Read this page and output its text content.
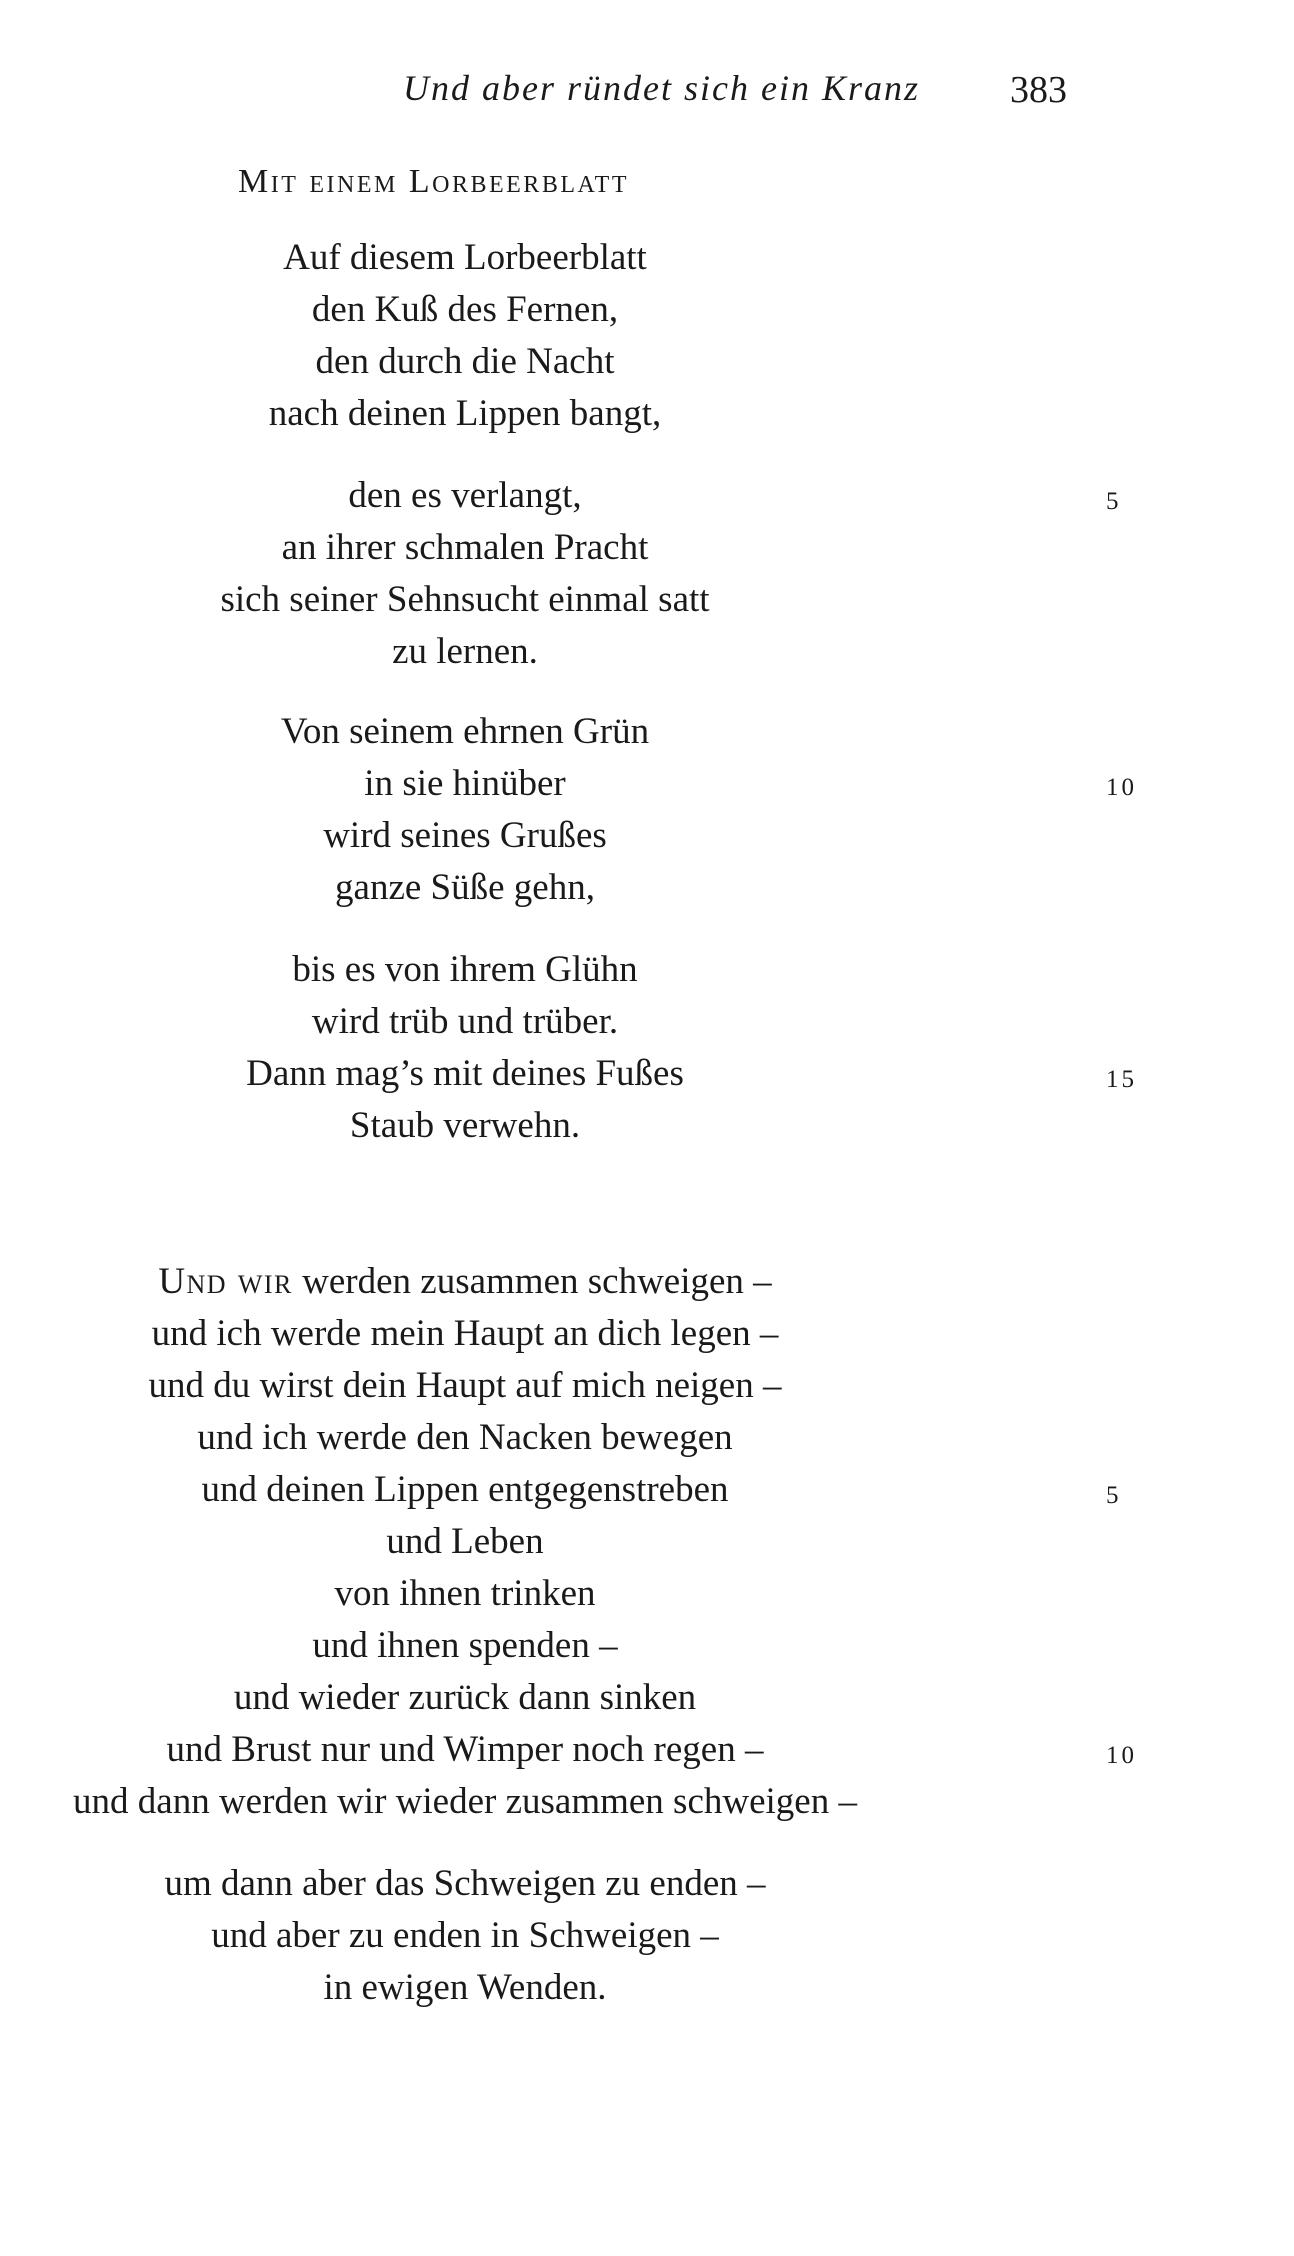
Und aber ründet sich ein Kranz 383
Mit einem Lorbeerblatt
Auf diesem Lorbeerblatt
den Kuß des Fernen,
den durch die Nacht
nach deinen Lippen bangt,
den es verlangt,
an ihrer schmalen Pracht
sich seiner Sehnsucht einmal satt
zu lernen.
Von seinem ehrnen Grün
in sie hinüber
wird seines Grußes
ganze Süße gehn,
bis es von ihrem Glühn
wird trüb und trüber.
Dann mag’s mit deines Fußes
Staub verwehn.
5
10
15
Und wir werden zusammen schweigen –
und ich werde mein Haupt an dich legen –
und du wirst dein Haupt auf mich neigen –
und ich werde den Nacken bewegen
und deinen Lippen entgegenstreben
und Leben
von ihnen trinken
und ihnen spenden –
und wieder zurück dann sinken
und Brust nur und Wimper noch regen –
und dann werden wir wieder zusammen schweigen –
um dann aber das Schweigen zu enden –
und aber zu enden in Schweigen –
in ewigen Wenden.
5
10
